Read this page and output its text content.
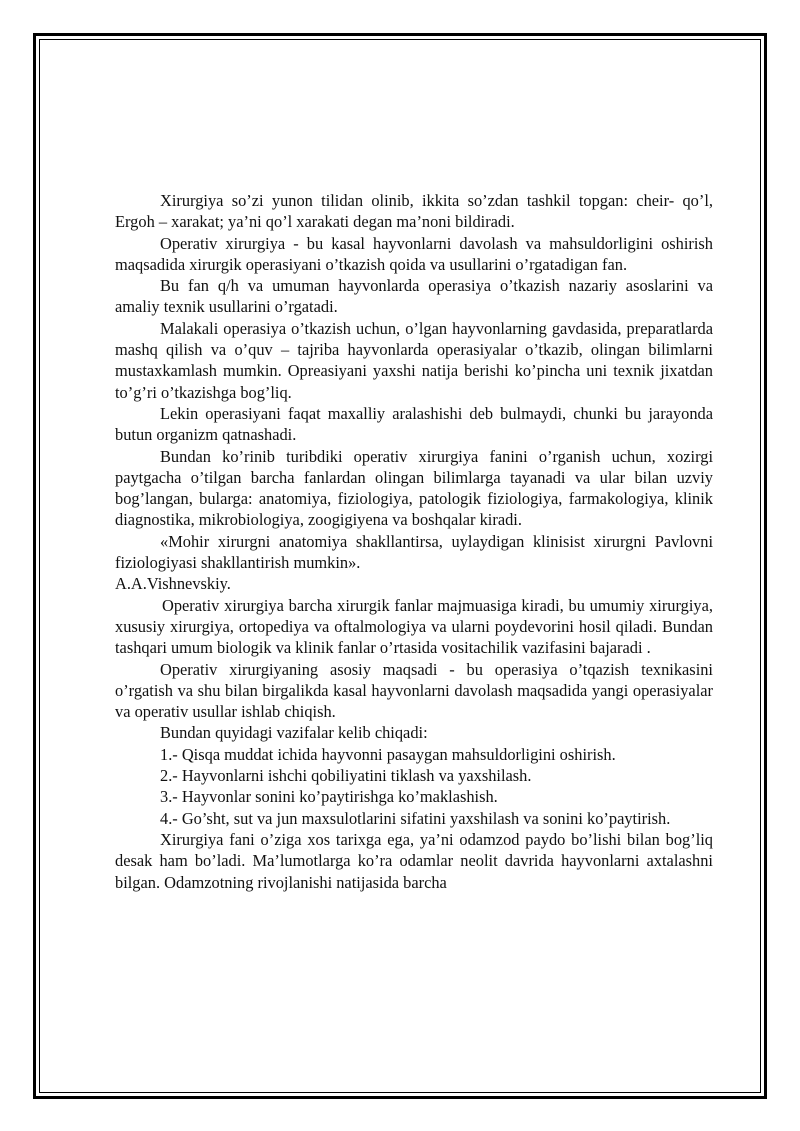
Xirurgiya so’zi yunon tilidan olinib, ikkita so’zdan tashkil topgan: cheir- qo’l, Ergoh – xarakat; ya’ni qo’l xarakati degan ma’noni bildiradi.

Operativ xirurgiya - bu kasal hayvonlarni davolash va mahsuldorligini oshirish maqsadida xirurgik operasiyani o’tkazish qoida va usullarini o’rgatadigan fan.

Bu fan q/h va umuman hayvonlarda operasiya o’tkazish nazariy asoslarini va amaliy texnik usullarini o’rgatadi.

Malakali operasiya o’tkazish uchun, o’lgan hayvonlarning gavdasida, preparatlarda mashq qilish va o’quv – tajriba hayvonlarda operasiyalar o’tkazib, olingan bilimlarni mustaxkamlash mumkin. Opreasiyani yaxshi natija berishi ko’pincha uni texnik jixatdan to’g’ri o’tkazishga bog’liq.

Lekin operasiyani faqat maxalliy aralashishi deb bulmaydi, chunki bu jarayonda butun organizm qatnashadi.

Bundan ko’rinib turibdiki operativ xirurgiya fanini o’rganish uchun, xozirgi paytgacha o’tilgan barcha fanlardan olingan bilimlarga tayanadi va ular bilan uzviy bog’langan, bularga: anatomiya, fiziologiya, patologik fiziologiya, farmakologiya, klinik diagnostika, mikrobiologiya, zoogigiyena va boshqalar kiradi.

«Mohir xirurgni anatomiya shakllantirsa, uylaydigan klinisist xirurgni Pavlovni fiziologiyasi shakllantirish mumkin».

A.A.Vishnevskiy.

Operativ xirurgiya barcha xirurgik fanlar majmuasiga kiradi, bu umumiy xirurgiya, xususiy xirurgiya, ortopediya va oftalmologiya va ularni poydevorini hosil qiladi. Bundan tashqari umum biologik va klinik fanlar o’rtasida vositachilik vazifasini bajaradi .

Operativ xirurgiyaning asosiy maqsadi - bu operasiya o’tqazish texnikasini o’rgatish va shu bilan birgalikda kasal hayvonlarni davolash maqsadida yangi operasiyalar va operativ usullar ishlab chiqish.

Bundan quyidagi vazifalar kelib chiqadi:

1.- Qisqa muddat ichida hayvonni pasaygan mahsuldorligini oshirish.

2.- Hayvonlarni ishchi qobiliyatini tiklash va yaxshilash.

3.- Hayvonlar sonini ko’paytirishga ko’maklashish.

4.- Go’sht, sut va jun maxsulotlarini sifatini yaxshilash va sonini ko’paytirish.

Xirurgiya fani o’ziga xos tarixga ega, ya’ni odamzod paydo bo’lishi bilan bog’liq desak ham bo’ladi. Ma’lumotlarga ko’ra odamlar neolit davrida hayvonlarni axtalashni bilgan. Odamzotning rivojlanishi natijasida barcha
